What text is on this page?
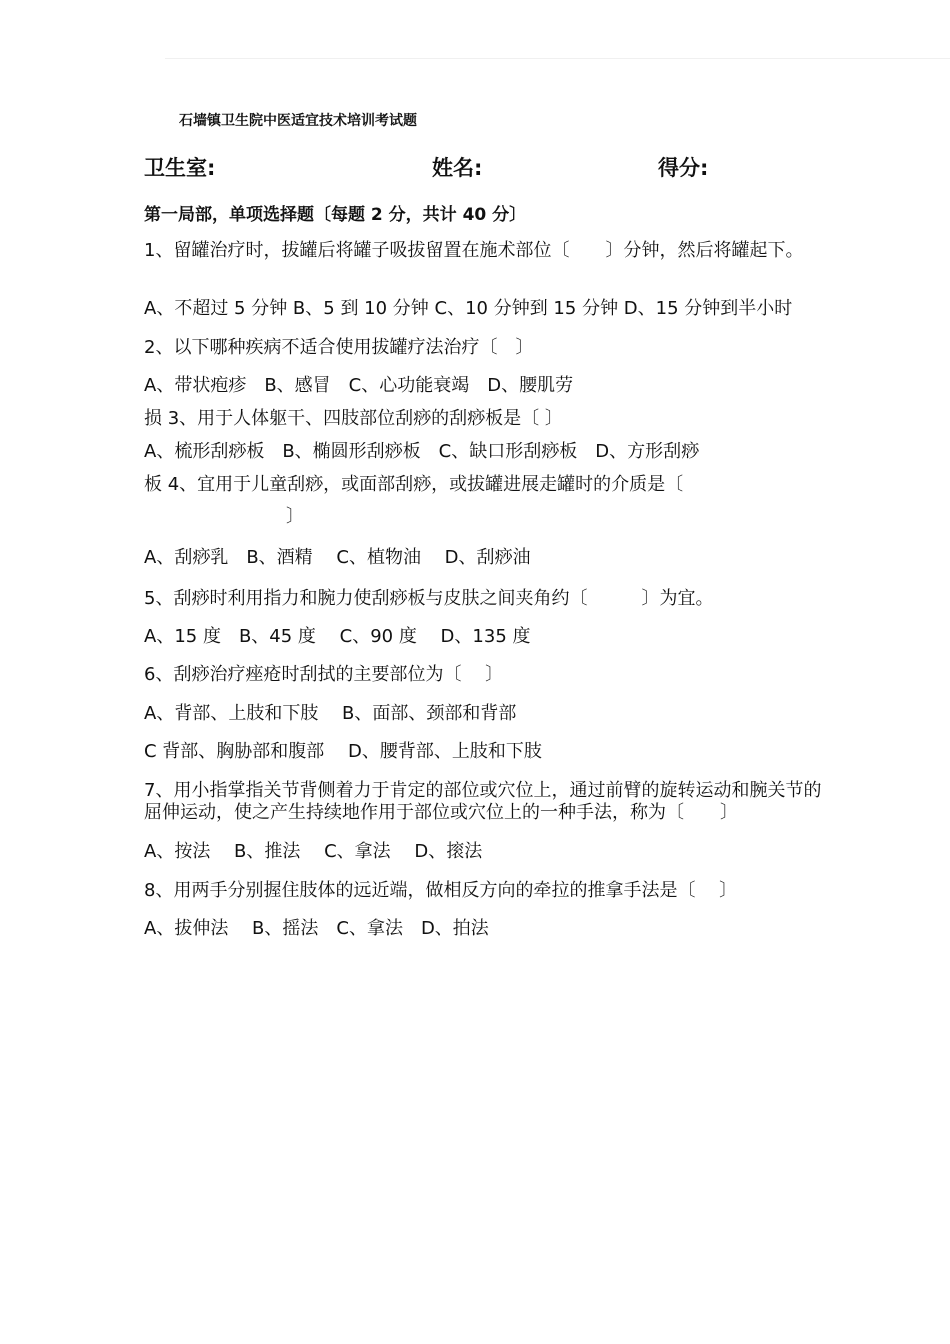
石墙镇卫生院中医适宜技术培训考试题
卫生室:	姓名:	得分:
第一局部，单项选择题〔每题 2 分，共计 40 分〕
1、留罐治疗时，拔罐后将罐子吸拔留置在施术部位〔　　〕分钟，然后将罐起下。
A、不超过 5 分钟 B、5 到 10 分钟 C、10 分钟到 15 分钟 D、15 分钟到半小时
2、以下哪种疾病不适合使用拔罐疗法治疗〔　〕
A、带状疱疹　B、感冒　C、心功能衰竭　D、腰肌劳
损 3、用于人体躯干、四肢部位刮痧的刮痧板是〔 〕
A、梳形刮痧板　B、椭圆形刮痧板　C、缺口形刮痧板　D、方形刮痧
板 4、宜用于儿童刮痧，或面部刮痧，或拔罐进展走罐时的介质是〔
〕
A、刮痧乳　B、酒精　 C、植物油　 D、刮痧油
5、刮痧时利用指力和腕力使刮痧板与皮肤之间夹角约〔　　　〕为宜。
A、15 度　B、45 度　 C、90 度　 D、135 度
6、刮痧治疗痤疮时刮拭的主要部位为〔　 〕
A、背部、上肢和下肢　 B、面部、颈部和背部
C 背部、胸胁部和腹部　 D、腰背部、上肢和下肢
7、用小指掌指关节背侧着力于肯定的部位或穴位上，通过前臂的旋转运动和腕关节的屈伸运动，使之产生持续地作用于部位或穴位上的一种手法，称为〔　　〕
A、按法　 B、推法　 C、拿法　 D、㨰法
8、用两手分别握住肢体的远近端，做相反方向的牵拉的推拿手法是〔　 〕
A、拔伸法　 B、摇法　C、拿法　D、拍法
